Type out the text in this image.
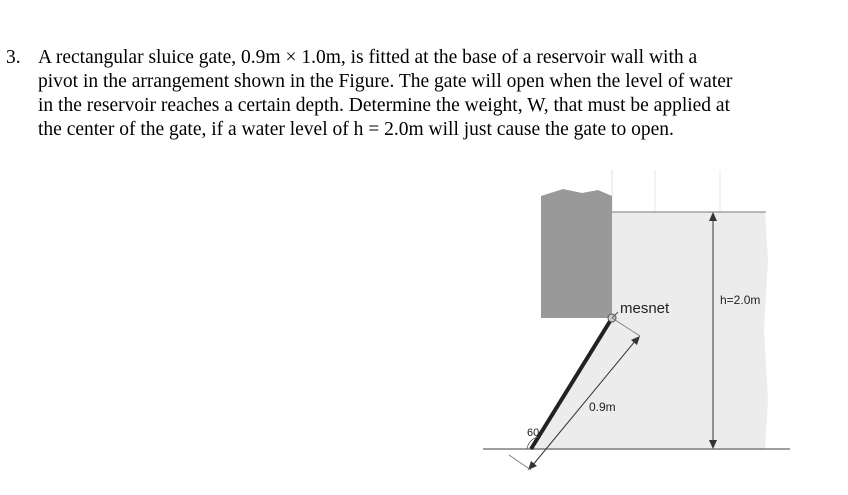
3. A rectangular sluice gate, 0.9m × 1.0m, is fitted at the base of a reservoir wall with a
pivot in the arrangement shown in the Figure. The gate will open when the level of water
in the reservoir reaches a certain depth. Determine the weight, W, that must be applied at
the center of the gate, if a water level of h = 2.0m will just cause the gate to open.
mesnet	h=2.0m
0.9m
60
